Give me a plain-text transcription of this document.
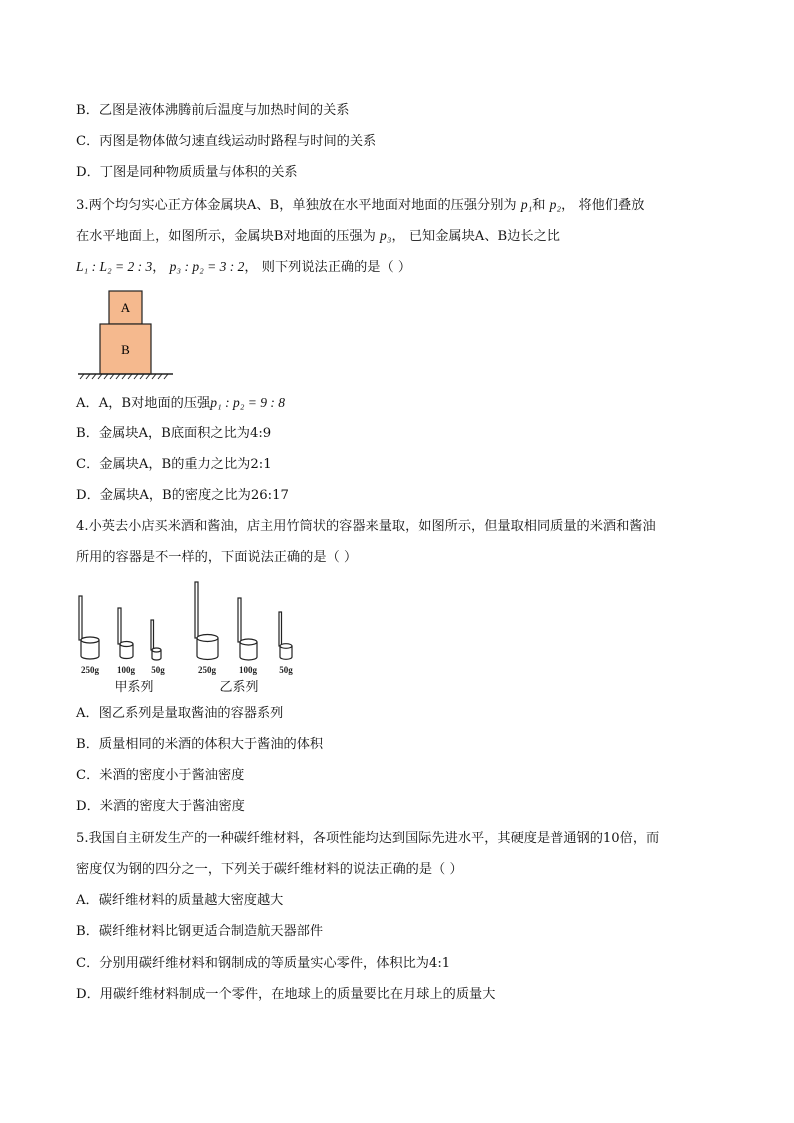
B．乙图是液体沸腾前后温度与加热时间的关系
C．丙图是物体做匀速直线运动时路程与时间的关系
D．丁图是同种物质质量与体积的关系
3.两个均匀实心正方体金属块A、B，单独放在水平地面对地面的压强分别为 p₁和 p₂， 将他们叠放
在水平地面上，如图所示，金属块B对地面的压强为 p₃， 已知金属块A、B边长之比
L₁ : L₂ = 2 : 3， p₃ : p₂ = 3 : 2， 则下列说法正确的是（ ）
A
B
A．A，B对地面的压强p₁ : p₂ = 9 : 8
B．金属块A，B底面积之比为4:9
C．金属块A，B的重力之比为2:1
D．金属块A，B的密度之比为26:17
4.小英去小店买米酒和酱油，店主用竹筒状的容器来量取，如图所示，但量取相同质量的米酒和酱油
所用的容器是不一样的，下面说法正确的是（ ）
250g 100g 50g	250g	100g 50g
甲系列	乙系列
A．图乙系列是量取酱油的容器系列
B．质量相同的米酒的体积大于酱油的体积
C．米酒的密度小于酱油密度
D．米酒的密度大于酱油密度
5.我国自主研发生产的一种碳纤维材料，各项性能均达到国际先进水平，其硬度是普通钢的10倍，而
密度仅为钢的四分之一，下列关于碳纤维材料的说法正确的是（ ）
A．碳纤维材料的质量越大密度越大
B．碳纤维材料比钢更适合制造航天器部件
C．分别用碳纤维材料和钢制成的等质量实心零件，体积比为4:1
D．用碳纤维材料制成一个零件，在地球上的质量要比在月球上的质量大
